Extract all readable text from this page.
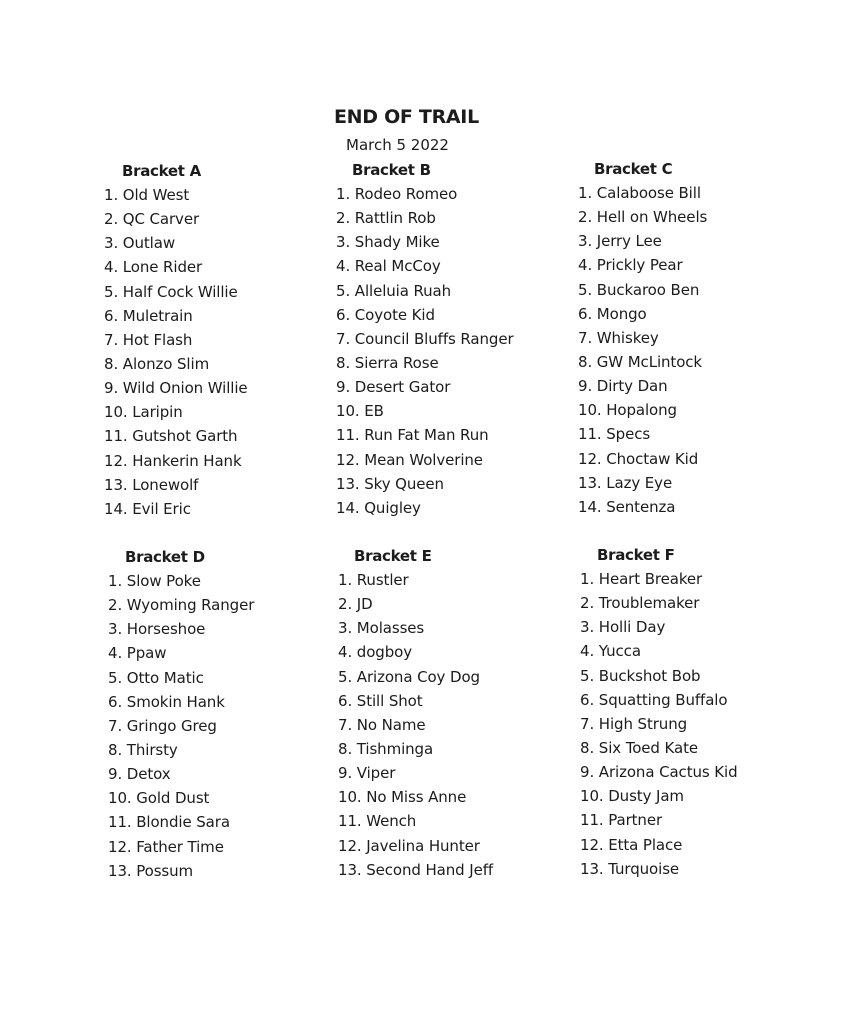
END OF TRAIL
March 5 2022
Bracket A
1. Old West
2. QC Carver
3. Outlaw
4. Lone Rider
5. Half Cock Willie
6. Muletrain
7. Hot Flash
8. Alonzo Slim
9. Wild Onion Willie
10. Laripin
11. Gutshot Garth
12. Hankerin Hank
13. Lonewolf
14. Evil Eric
Bracket B
1. Rodeo Romeo
2. Rattlin Rob
3. Shady Mike
4. Real McCoy
5. Alleluia Ruah
6. Coyote Kid
7. Council Bluffs Ranger
8. Sierra Rose
9. Desert Gator
10. EB
11. Run Fat Man Run
12. Mean Wolverine
13. Sky Queen
14. Quigley
Bracket C
1. Calaboose Bill
2. Hell on Wheels
3. Jerry Lee
4. Prickly Pear
5. Buckaroo Ben
6. Mongo
7. Whiskey
8. GW McLintock
9. Dirty Dan
10. Hopalong
11. Specs
12. Choctaw Kid
13. Lazy Eye
14. Sentenza
Bracket D
1. Slow Poke
2. Wyoming Ranger
3. Horseshoe
4. Ppaw
5. Otto Matic
6. Smokin Hank
7. Gringo Greg
8. Thirsty
9. Detox
10. Gold Dust
11. Blondie Sara
12. Father Time
13. Possum
Bracket E
1. Rustler
2. JD
3. Molasses
4. dogboy
5. Arizona Coy Dog
6. Still Shot
7. No Name
8. Tishminga
9. Viper
10. No Miss Anne
11. Wench
12. Javelina Hunter
13. Second Hand Jeff
Bracket F
1. Heart Breaker
2. Troublemaker
3. Holli Day
4. Yucca
5. Buckshot Bob
6. Squatting Buffalo
7. High Strung
8. Six Toed Kate
9. Arizona Cactus Kid
10. Dusty Jam
11. Partner
12. Etta Place
13. Turquoise
